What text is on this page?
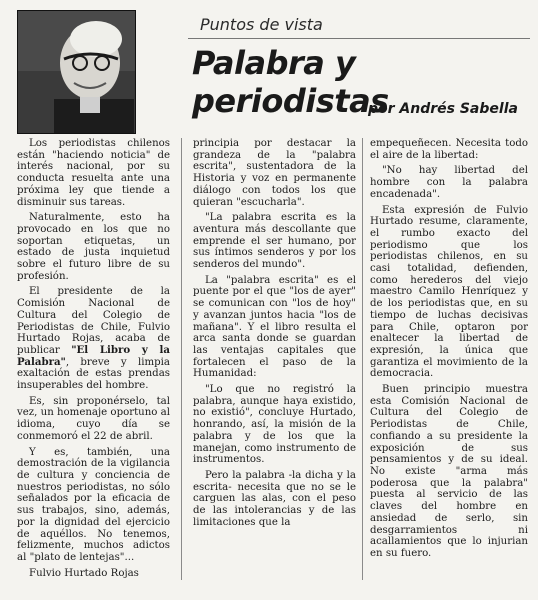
Puntos de vista
Palabra y periodistas
por Andrés Sabella

Los periodistas chilenos están "haciendo noticia" de interés nacional, por su conducta resuelta ante una próxima ley que tiende a disminuir sus tareas.

Naturalmente, esto ha provocado en los que no soportan etiquetas, un estado de justa inquietud sobre el futuro libre de su profesión.

El presidente de la Comisión Nacional de Cultura del Colegio de Periodistas de Chile, Fulvio Hurtado Rojas, acaba de publicar "El Libro y la Palabra", breve y limpia exaltación de estas prendas insuperables del hombre.

Es, sin proponérselo, tal vez, un homenaje oportuno al idioma, cuyo día se conmemoró el 22 de abril.

Y es, también, una demostración de la vigilancia de cultura y conciencia de nuestros periodistas, no sólo señalados por la eficacia de sus trabajos, sino, además, por la dignidad del ejercicio de aquéllos. No tenemos, felizmente, muchos adictos al "plato de lentejas"...

Fulvio Hurtado Rojas

principia por destacar la grandeza de la "palabra escrita", sustentadora de la Historia y voz en permanente diálogo con todos los que quieran "escucharla".

"La palabra escrita es la aventura más descollante que emprende el ser humano, por sus íntimos senderos y por los senderos del mundo".

La "palabra escrita" es el puente por el que "los de ayer" se comunican con "los de hoy" y avanzan juntos hacia "los de mañana". Y el libro resulta el arca santa donde se guardan las ventajas capitales que fortalecen el paso de la Humanidad:

"Lo que no registró la palabra, aunque haya existido, no existió", concluye Hurtado, honrando, así, la misión de la palabra y de los que la manejan, como instrumento de instrumentos.

Pero la palabra -la dicha y la escrita- necesita que no se le carguen las alas, con el peso de las intolerancias y de las limitaciones que la

empequeñecen. Necesita todo el aire de la libertad:

"No hay libertad del hombre con la palabra encadenada".

Esta expresión de Fulvio Hurtado resume, claramente, el rumbo exacto del periodismo que los periodistas chilenos, en su casi totalidad, defienden, como herederos del viejo maestro Camilo Henríquez y de los periodistas que, en su tiempo de luchas decisivas para Chile, optaron por enaltecer la libertad de expresión, la única que garantiza el movimiento de la democracia.

Buen principio muestra esta Comisión Nacional de Cultura del Colegio de Periodistas de Chile, confiando a su presidente la exposición de sus pensamientos y de su ideal. No existe "arma más poderosa que la palabra" puesta al servicio de las claves del hombre en ansiedad de serlo, sin desgarramientos ni acallamientos que lo injurian en su fuero.
